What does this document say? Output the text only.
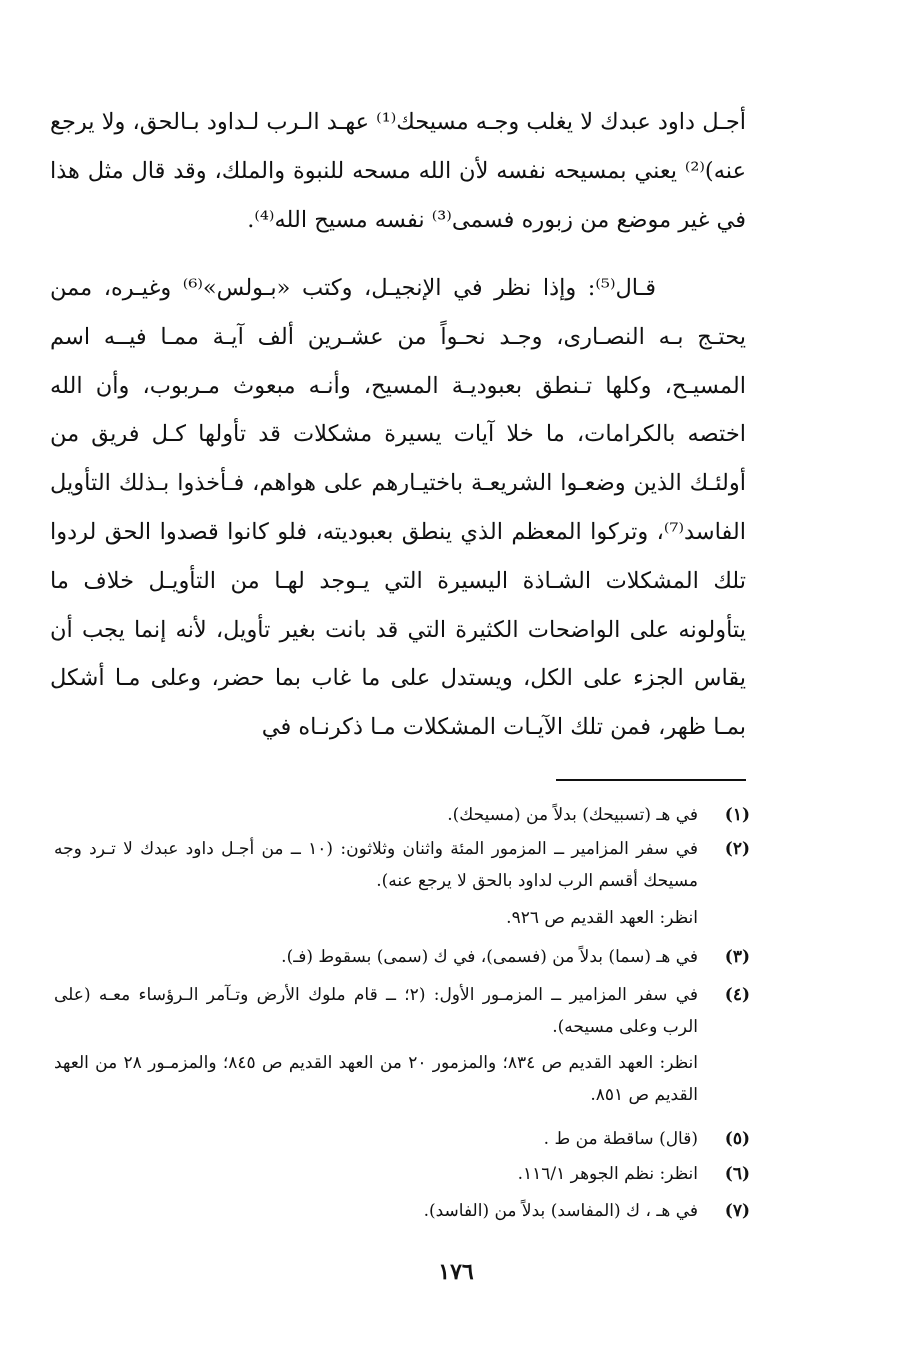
أجـل داود عبدك لا يغلب وجـه مسيحك⁽¹⁾ عهـد الـرب لـداود بـالحق، ولا يرجع عنه)⁽²⁾ يعني بمسيحه نفسه لأن الله مسحه للنبوة والملك، وقد قال مثل هذا في غير موضع من زبوره فسمى⁽³⁾ نفسه مسيح الله⁽⁴⁾.
قـال⁽⁵⁾: وإذا نظر في الإنجيـل، وكتب «بـولس»⁽⁶⁾ وغيـره، ممن يحتـج بـه النصـارى، وجـد نحـواً من عشـرين ألف آيـة ممـا فيــه اسم المسيـح، وكلها تـنطق بعبوديـة المسيح، وأنـه مبعوث مـربوب، وأن الله اختصه بالكرامات، ما خلا آيات يسيرة مشكلات قد تأولها كـل فريق من أولئـك الذين وضعـوا الشريعـة باختيـارهم على هواهم، فـأخذوا بـذلك التأويل الفاسد⁽⁷⁾، وتركوا المعظم الذي ينطق بعبوديته، فلو كانوا قصدوا الحق لردوا تلك المشكلات الشـاذة اليسيرة التي يـوجد لهـا من التأويـل خلاف ما يتأولونه على الواضحات الكثيرة التي قد بانت بغير تأويل، لأنه إنما يجب أن يقاس الجزء على الكل، ويستدل على ما غاب بما حضر، وعلى مـا أشكل بمـا ظهر، فمن تلك الآيـات المشكلات مـا ذكرنـاه في
(١)
في هـ (تسبيحك) بدلاً من (مسيحك).
(٢)
في سفر المزامير ــ المزمور المئة واثنان وثلاثون: (١٠ ــ من أجـل داود عبدك لا تـرد وجه مسيحك أقسم الرب لداود بالحق لا يرجع عنه).
انظر: العهد القديم ص ٩٢٦.
(٣)
في هـ (سما) بدلاً من (فسمى)، في ك (سمى) بسقوط (فـ).
(٤)
في سفر المزامير ــ المزمـور الأول: (٢؛ ــ قام ملوك الأرض وتـآمر الـرؤساء معـه (على الرب وعلى مسيحه).
انظر: العهد القديم ص ٨٣٤؛ والمزمور ٢٠ من العهد القديم ص ٨٤٥؛ والمزمـور ٢٨ من العهد القديم ص ٨٥١.
(٥)
(قال) ساقطة من ط .
(٦)
انظر: نظم الجوهر ١١٦/١.
(٧)
في هـ ، ك (المفاسد) بدلاً من (الفاسد).
١٧٦
